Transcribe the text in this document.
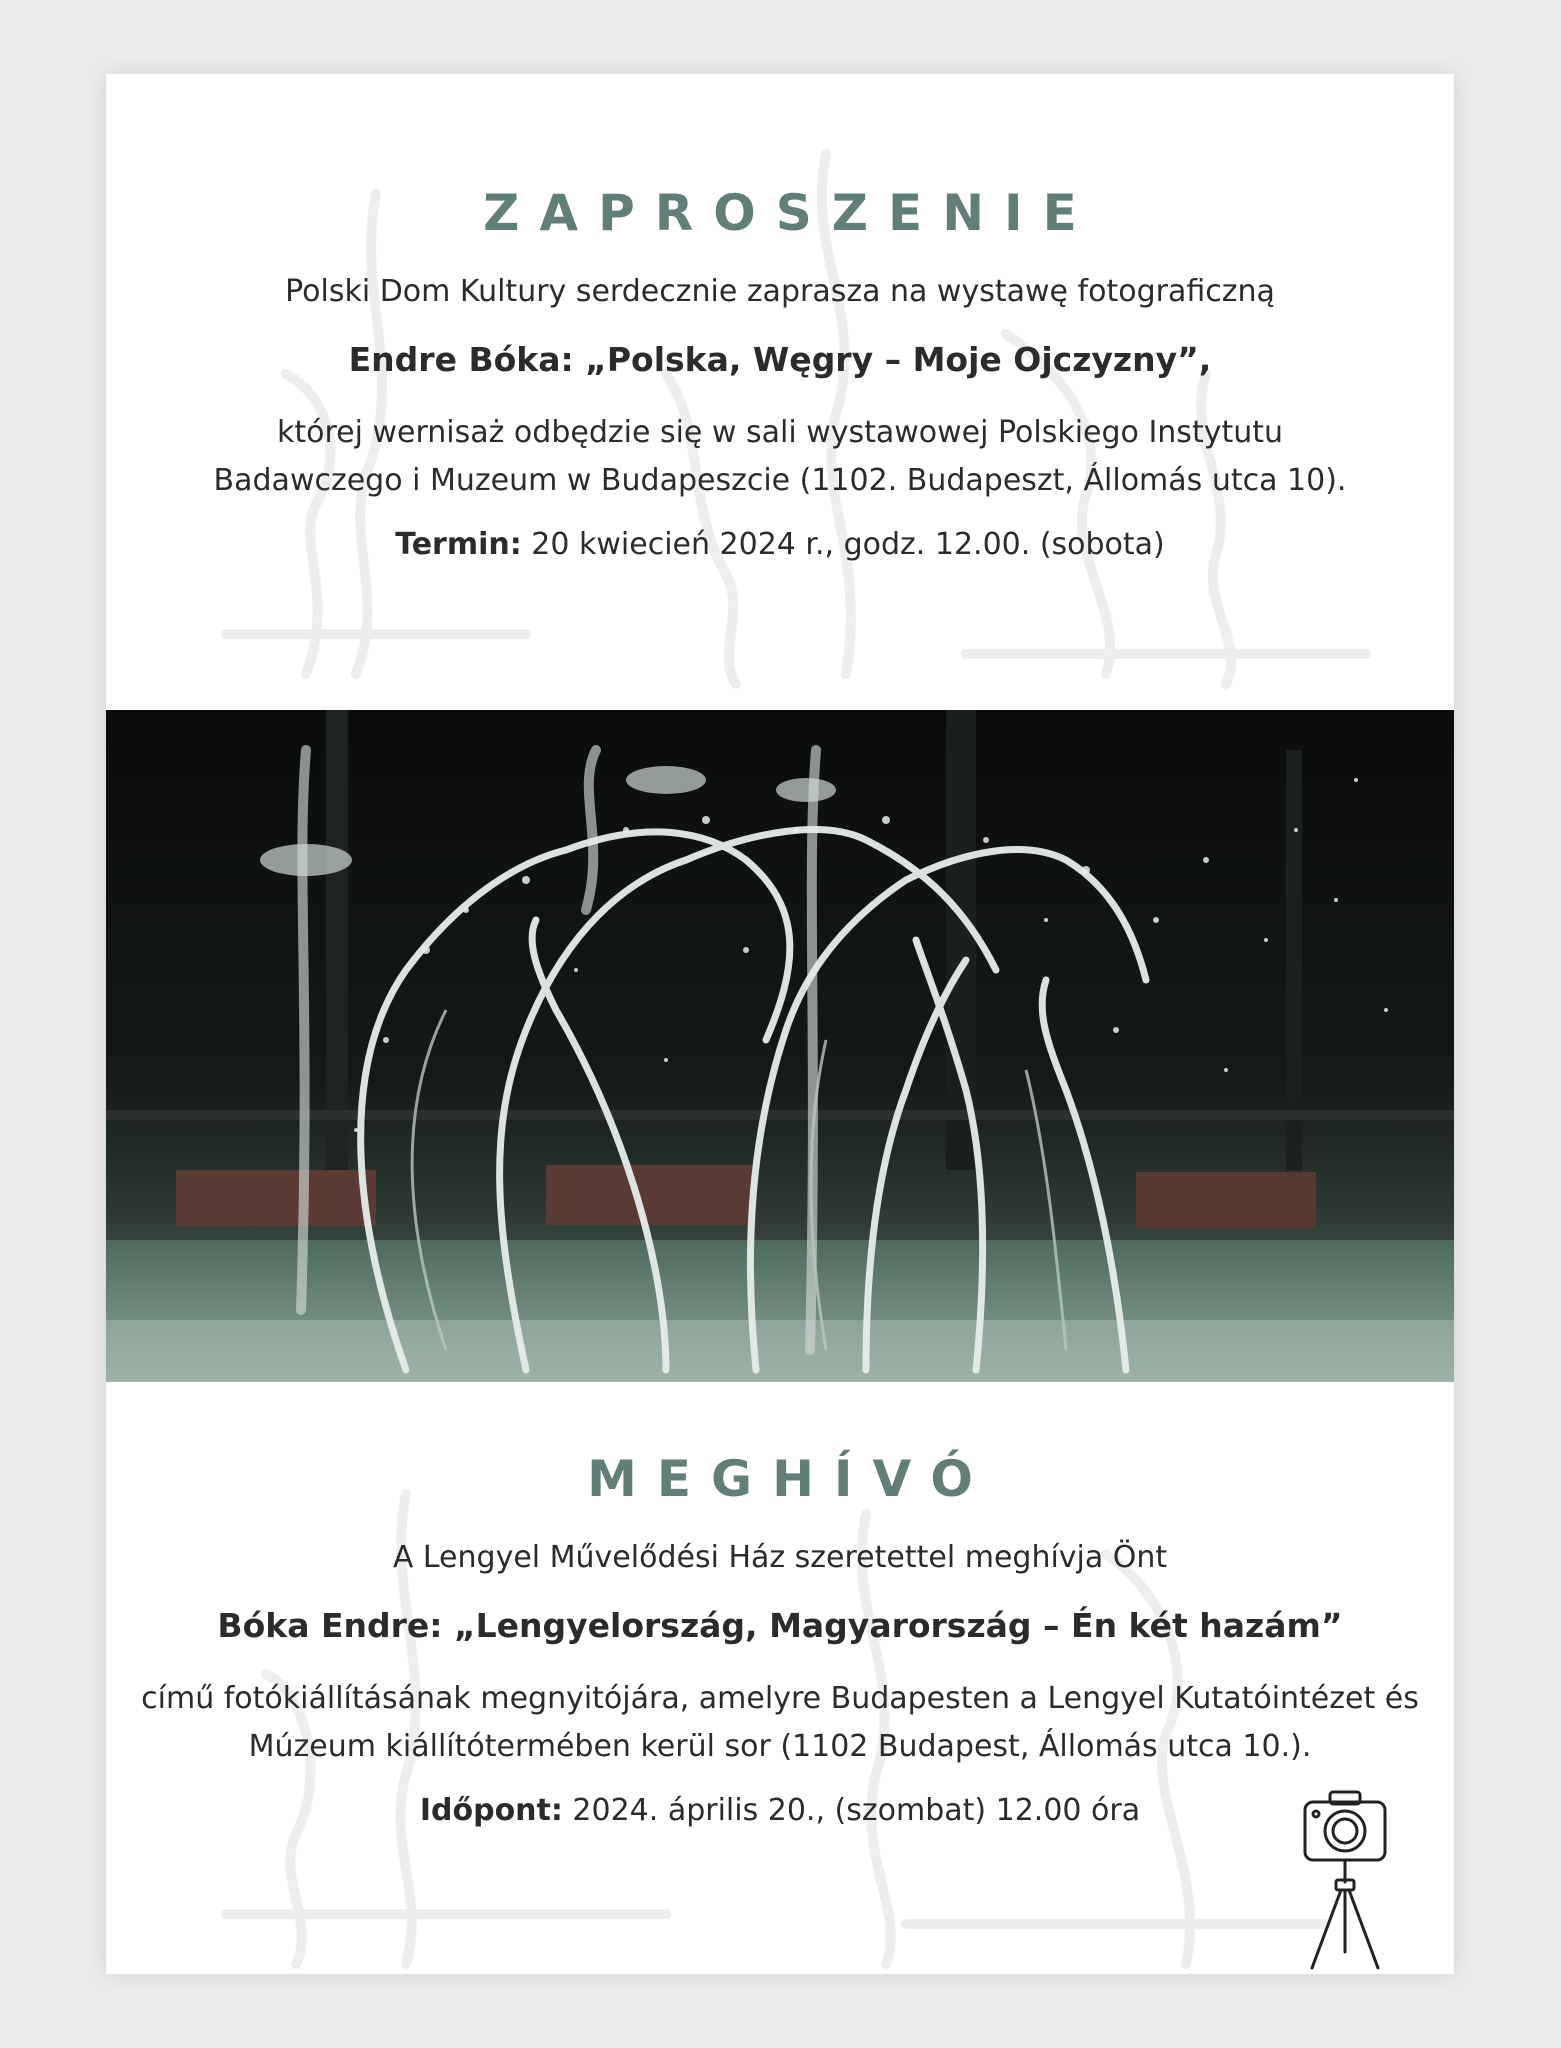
ZAPROSZENIE

Polski Dom Kultury serdecznie zaprasza na wystawę fotograficzną

Endre Bóka: „Polska, Węgry – Moje Ojczyzny”,

której wernisaż odbędzie się w sali wystawowej Polskiego Instytutu

Badawczego i Muzeum w Budapeszcie (1102. Budapeszt, Állomás utca 10).

Termin: 20 kwiecień 2024 r., godz. 12.00. (sobota)

MEGHÍVÓ

A Lengyel Művelődési Ház szeretettel meghívja Önt

Bóka Endre: „Lengyelország, Magyarország – Én két hazám”

című fotókiállításának megnyitójára, amelyre Budapesten a Lengyel Kutatóintézet és

Múzeum kiállítótermében kerül sor (1102 Budapest, Állomás utca 10.).

Időpont: 2024. április 20., (szombat) 12.00 óra
